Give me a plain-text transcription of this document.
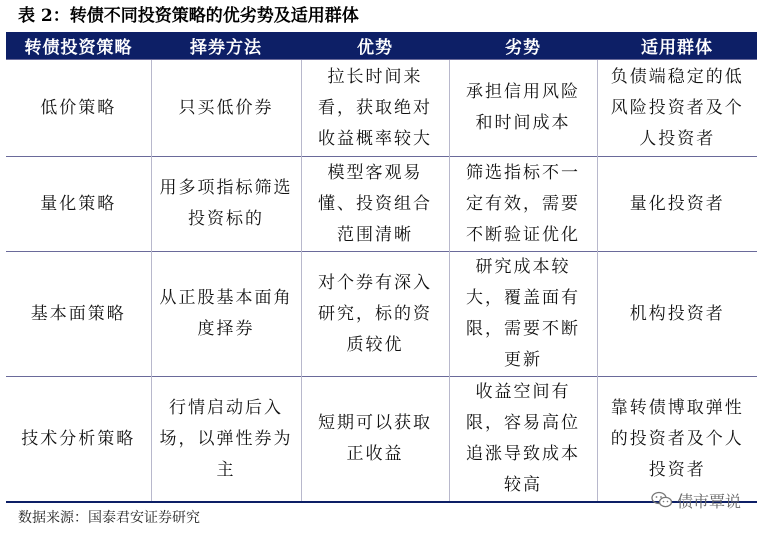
表 2：转债不同投资策略的优劣势及适用群体
转债投资策略	择券方法	优势	劣势	适用群体
低价策略	只买低价券	拉长时间来看，获取绝对收益概率较大	承担信用风险和时间成本	负债端稳定的低风险投资者及个人投资者
量化策略	用多项指标筛选投资标的	模型客观易懂、投资组合范围清晰	筛选指标不一定有效，需要不断验证优化	量化投资者
基本面策略	从正股基本面角度择券	对个券有深入研究，标的资质较优	研究成本较大，覆盖面有限，需要不断更新	机构投资者
技术分析策略	行情启动后入场，以弹性券为主	短期可以获取正收益	收益空间有限，容易高位追涨导致成本较高	靠转债博取弹性的投资者及个人投资者
数据来源：国泰君安证券研究
债市覃说
